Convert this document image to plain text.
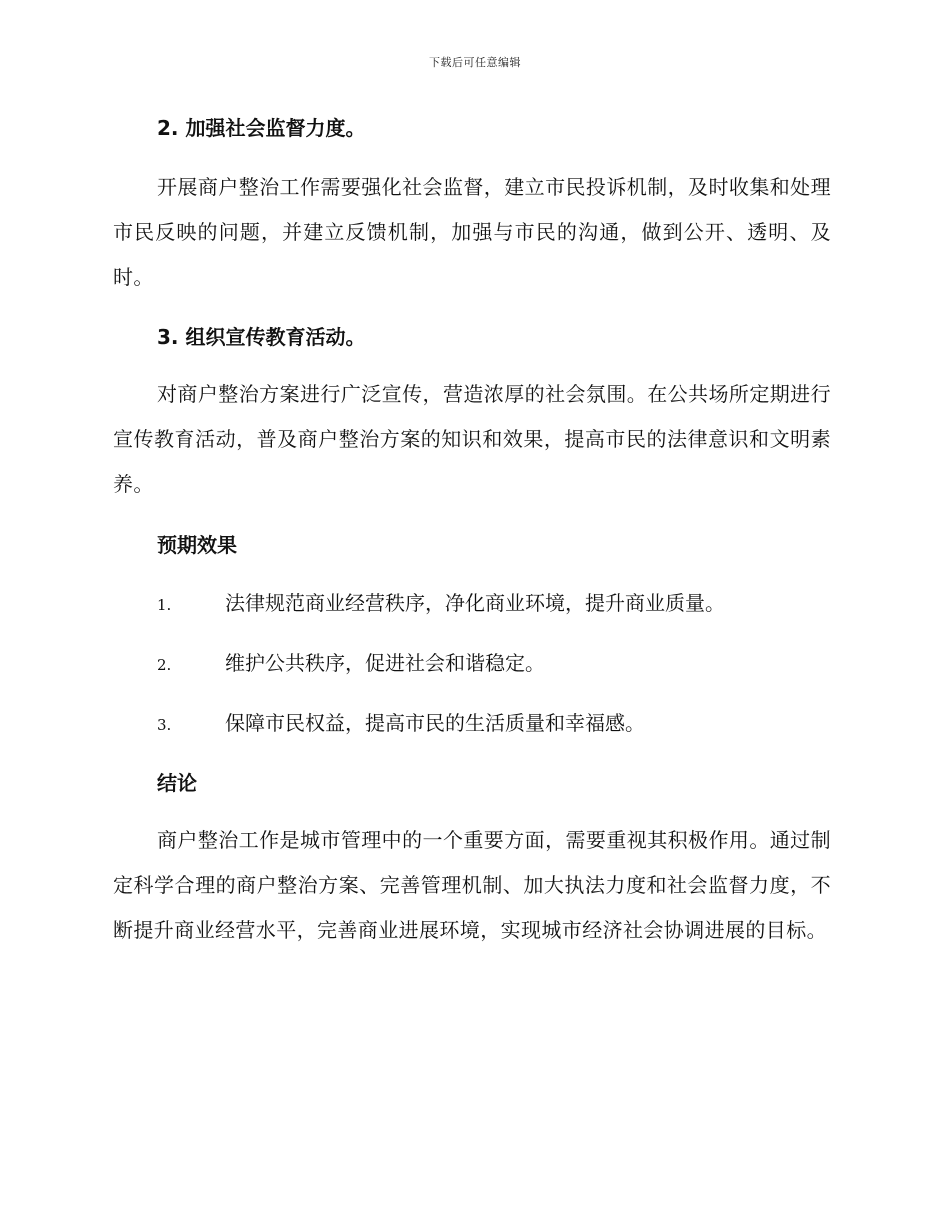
下载后可任意编辑
2. 加强社会监督力度。

开展商户整治工作需要强化社会监督，建立市民投诉机制，及时收集和处理市民反映的问题，并建立反馈机制，加强与市民的沟通，做到公开、透明、及时。

3. 组织宣传教育活动。

对商户整治方案进行广泛宣传，营造浓厚的社会氛围。在公共场所定期进行宣传教育活动，普及商户整治方案的知识和效果，提高市民的法律意识和文明素养。

预期效果
1.	法律规范商业经营秩序，净化商业环境，提升商业质量。
2.	维护公共秩序，促进社会和谐稳定。
3.	保障市民权益，提高市民的生活质量和幸福感。
结论

商户整治工作是城市管理中的一个重要方面，需要重视其积极作用。通过制定科学合理的商户整治方案、完善管理机制、加大执法力度和社会监督力度，不断提升商业经营水平，完善商业进展环境，实现城市经济社会协调进展的目标。
